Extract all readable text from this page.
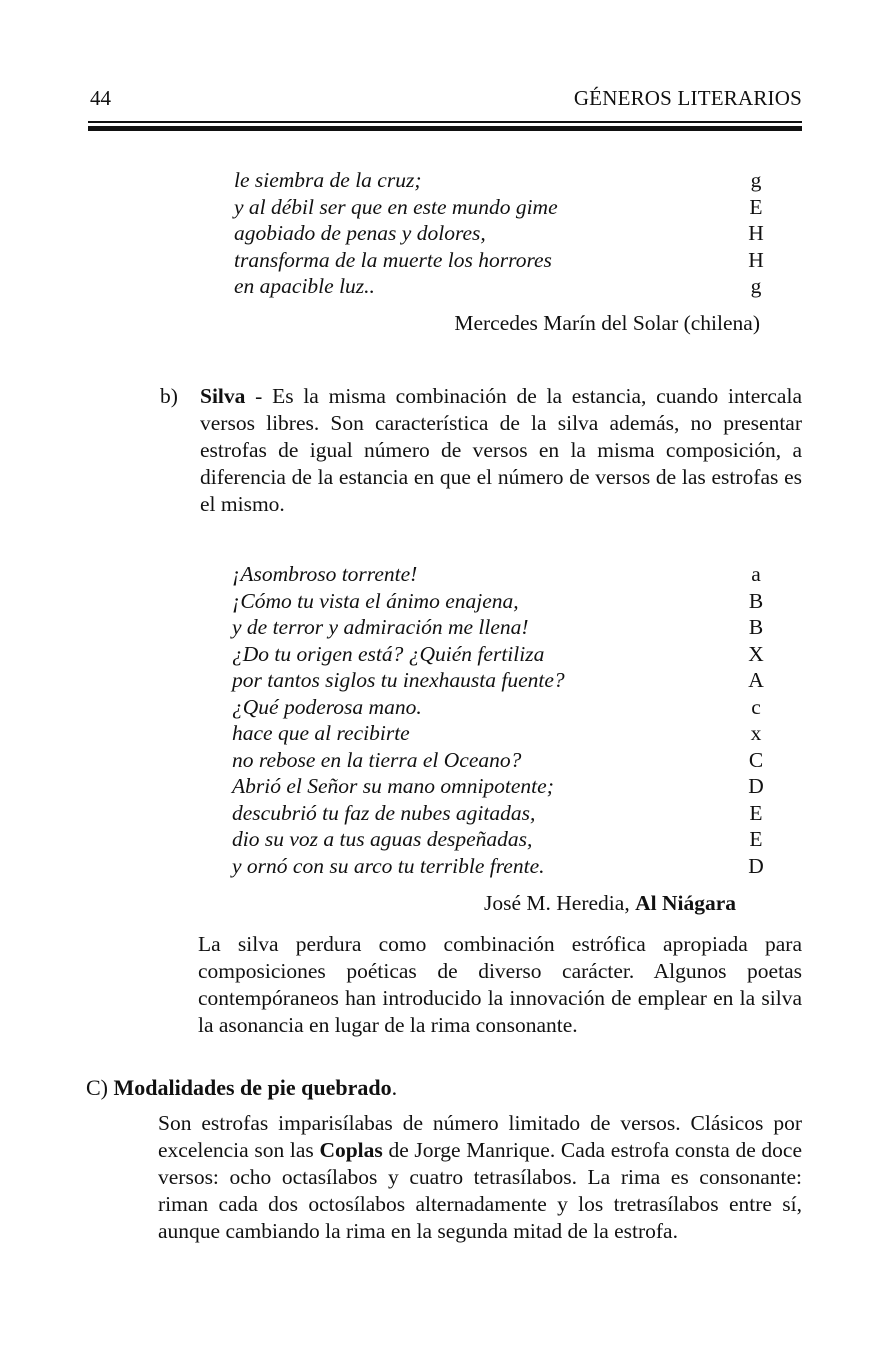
44	GÉNEROS LITERARIOS
le siembra de la cruz;	g
y al débil ser que en este mundo gime	E
agobiado de penas y dolores,	H
transforma de la muerte los horrores	H
en apacible luz..	g
Mercedes Marín del Solar (chilena)
b) Silva - Es la misma combinación de la estancia, cuando intercala versos libres. Son característica de la silva además, no presentar estrofas de igual número de versos en la misma composición, a diferencia de la estancia en que el número de versos de las estrofas es el mismo.

¡Asombroso torrente!	a
¡Cómo tu vista el ánimo enajena,	B
y de terror y admiración me llena!	B
¿Do tu origen está? ¿Quién fertiliza	X
por tantos siglos tu inexhausta fuente?	A
¿Qué poderosa mano.	c
hace que al recibirte	x
no rebose en la tierra el Oceano?	C
Abrió el Señor su mano omnipotente;	D
descubrió tu faz de nubes agitadas,	E
dio su voz a tus aguas despeñadas,	E
y ornó con su arco tu terrible frente.	D
José M. Heredia, Al Niágara

La silva perdura como combinación estrófica apropiada para composiciones poéticas de diverso carácter. Algunos poetas contempóraneos han introducido la innovación de emplear en la silva la asonancia en lugar de la rima consonante.

C) Modalidades de pie quebrado.

Son estrofas imparisílabas de número limitado de versos. Clásicos por excelencia son las Coplas de Jorge Manrique. Cada estrofa consta de doce versos: ocho octasílabos y cuatro tetrasílabos. La rima es consonante: riman cada dos octosílabos alternadamente y los tretrasílabos entre sí, aunque cambiando la rima en la segunda mitad de la estrofa.
